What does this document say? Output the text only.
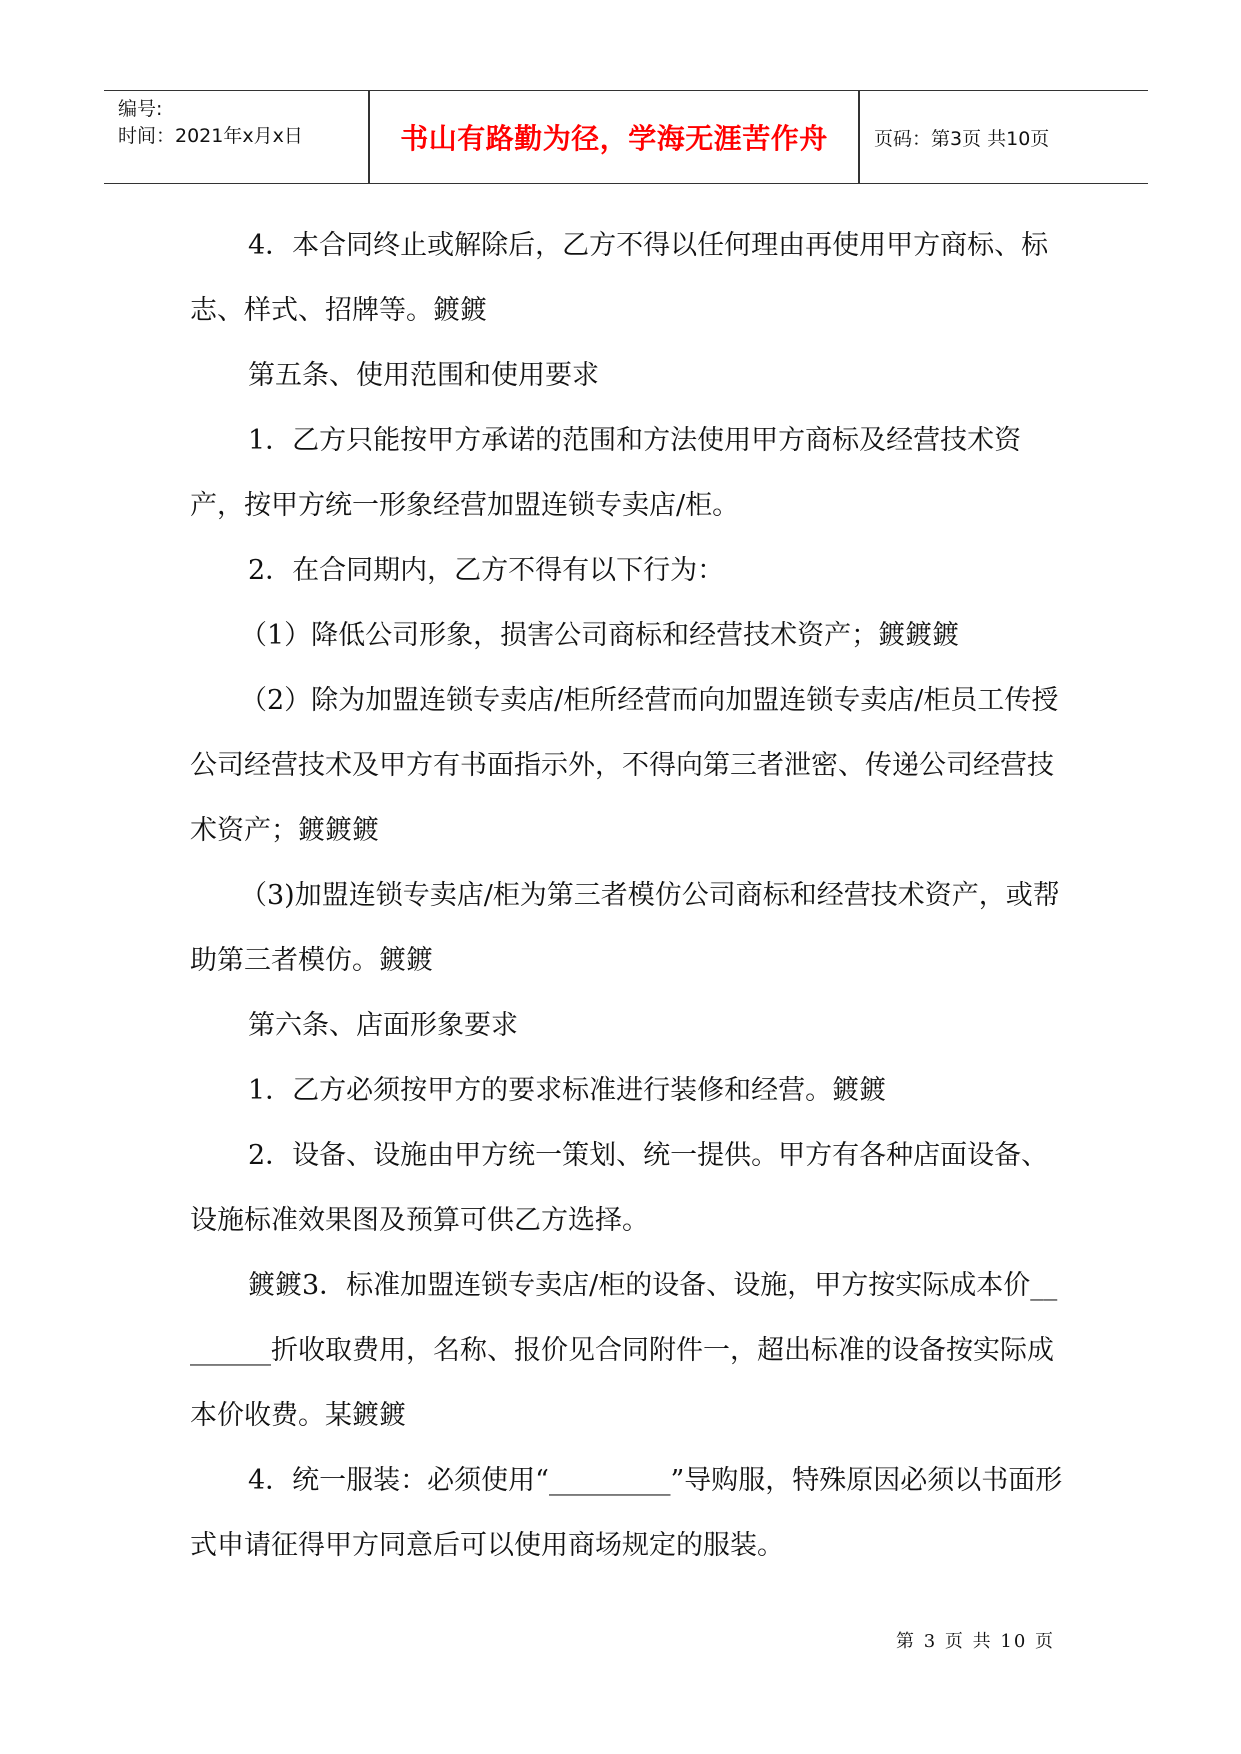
编号:
时间：2021年x月x日	书山有路勤为径，学海无涯苦作舟	页码：第3页 共10页

4．本合同终止或解除后，乙方不得以任何理由再使用甲方商标、标志、样式、招牌等。鍍鍍

第五条、使用范围和使用要求

1．乙方只能按甲方承诺的范围和方法使用甲方商标及经营技术资产，按甲方统一形象经营加盟连锁专卖店/柜。

2．在合同期内，乙方不得有以下行为：

（1）降低公司形象，损害公司商标和经营技术资产；鍍鍍鍍

（2）除为加盟连锁专卖店/柜所经营而向加盟连锁专卖店/柜员工传授公司经营技术及甲方有书面指示外，不得向第三者泄密、传递公司经营技术资产；鍍鍍鍍

（3)加盟连锁专卖店/柜为第三者模仿公司商标和经营技术资产，或帮助第三者模仿。鍍鍍

第六条、店面形象要求

1．乙方必须按甲方的要求标准进行装修和经营。鍍鍍

2．设备、设施由甲方统一策划、统一提供。甲方有各种店面设备、设施标准效果图及预算可供乙方选择。

鍍鍍3．标准加盟连锁专卖店/柜的设备、设施，甲方按实际成本价________折收取费用，名称、报价见合同附件一，超出标准的设备按实际成本价收费。某鍍鍍

4．统一服装：必须使用“_________”导购服，特殊原因必须以书面形式申请征得甲方同意后可以使用商场规定的服装。

第 3 页 共 10 页
